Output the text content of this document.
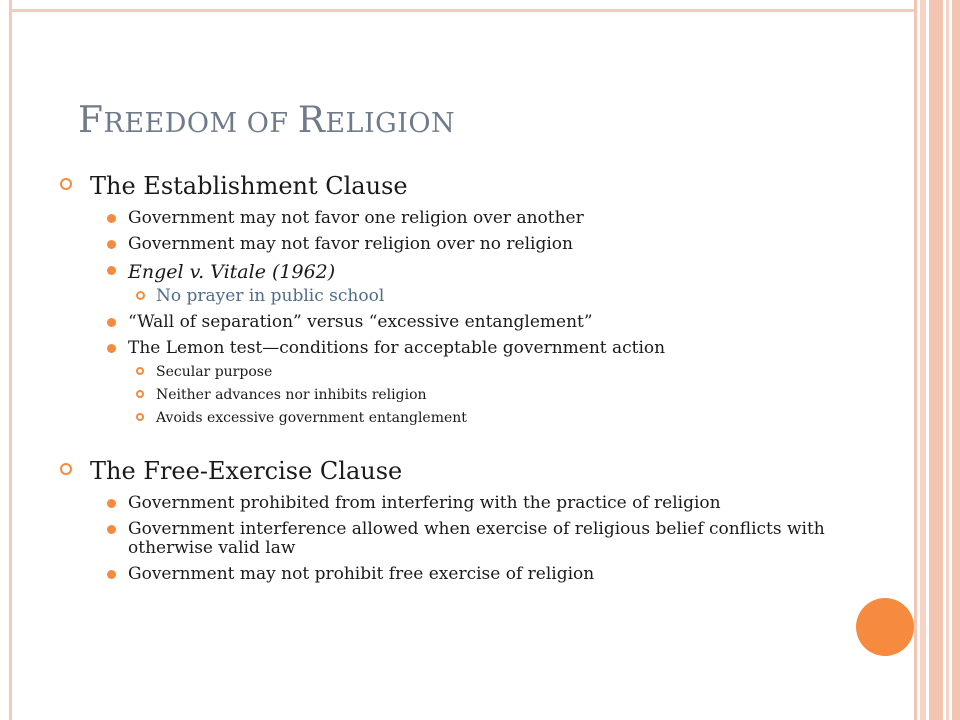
FREEDOM OF RELIGION
The Establishment Clause
Government may not favor one religion over another
Government may not favor religion over no religion
Engel v. Vitale (1962)
No prayer in public school
“Wall of separation” versus “excessive entanglement”
The Lemon test—conditions for acceptable government action
Secular purpose
Neither advances nor inhibits religion
Avoids excessive government entanglement
The Free-Exercise Clause
Government prohibited from interfering with the practice of religion
Government interference allowed when exercise of religious belief conflicts with otherwise valid law
Government may not prohibit free exercise of religion
